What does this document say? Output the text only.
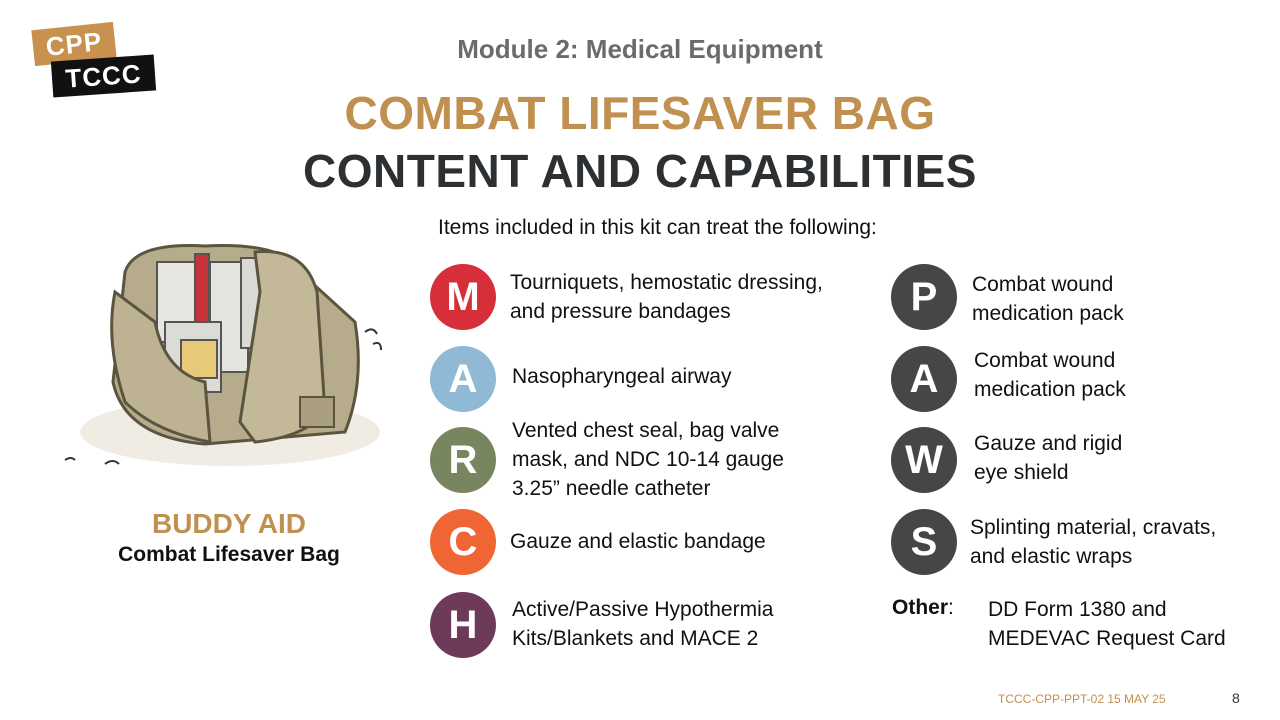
CPP
TCCC
Module 2: Medical Equipment
COMBAT LIFESAVER BAG
CONTENT AND CAPABILITIES
Items included in this kit can treat the following:
BUDDY AID
Combat Lifesaver Bag
M	Tourniquets, hemostatic dressing,
and pressure bandages
A	Nasopharyngeal airway
R
Vented chest seal, bag valve
mask, and NDC 10-14 gauge
3.25” needle catheter
C	Gauze and elastic bandage
H	Active/Passive Hypothermia
Kits/Blankets and MACE 2
P	Combat wound
medication pack
A	Combat wound
medication pack
W	Gauze and rigid
eye shield
S	Splinting material, cravats,
and elastic wraps
Other: DD Form 1380 and
MEDEVAC Request Card
TCCC-CPP-PPT-02 15 MAY 25	8
